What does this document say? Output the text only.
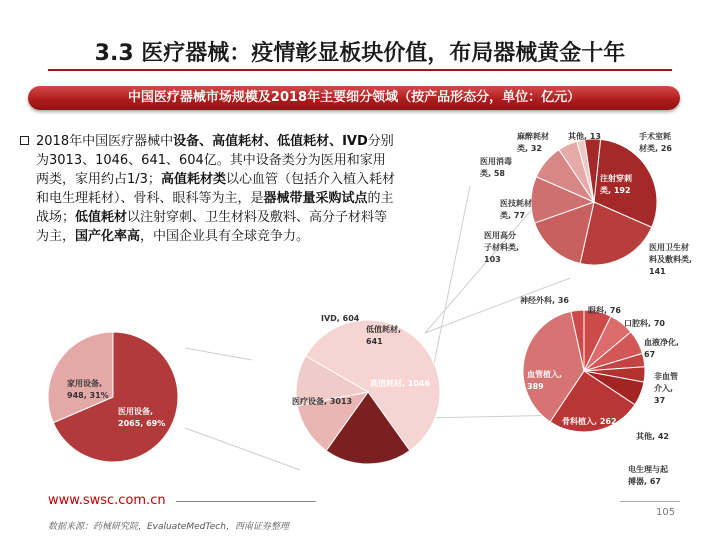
3.3 医疗器械：疫情彰显板块价值，布局器械黄金十年
中国医疗器械市场规模及2018年主要细分领域（按产品形态分，单位：亿元）
2018年中国医疗器械中设备、高值耗材、低值耗材、IVD分别为3013、1046、641、604亿。其中设备类分为医用和家用两类，家用约占1/3；高值耗材类以心血管（包括介入植入耗材和电生理耗材）、骨科、眼科等为主，是器械带量采购试点的主战场；低值耗材以注射穿刺、卫生材料及敷料、高分子材料等为主，国产化率高，中国企业具有全球竞争力。
医疗设备, 3013
高值耗材, 1046
低值耗材,
641
IVD, 604
医用设备,
2065, 69%
家用设备,
948, 31%
注射穿刺
类, 192
医用卫生材
料及敷料类,
141
医用高分
子材料类,
103
医技耗材
类, 77
医用消毒
类, 58
麻醉耗材
类, 32
其他, 13	手术室耗
材类, 26
眼科, 76
口腔科, 70
血液净化,
67
非血管
介入,
37
其他, 42
电生理与起
搏器, 67
骨科植入, 262
血管植入,
389
神经外科, 36
www.swsc.com.cn
105
数据来源：药械研究院，EvaluateMedTech，西南证券整理
